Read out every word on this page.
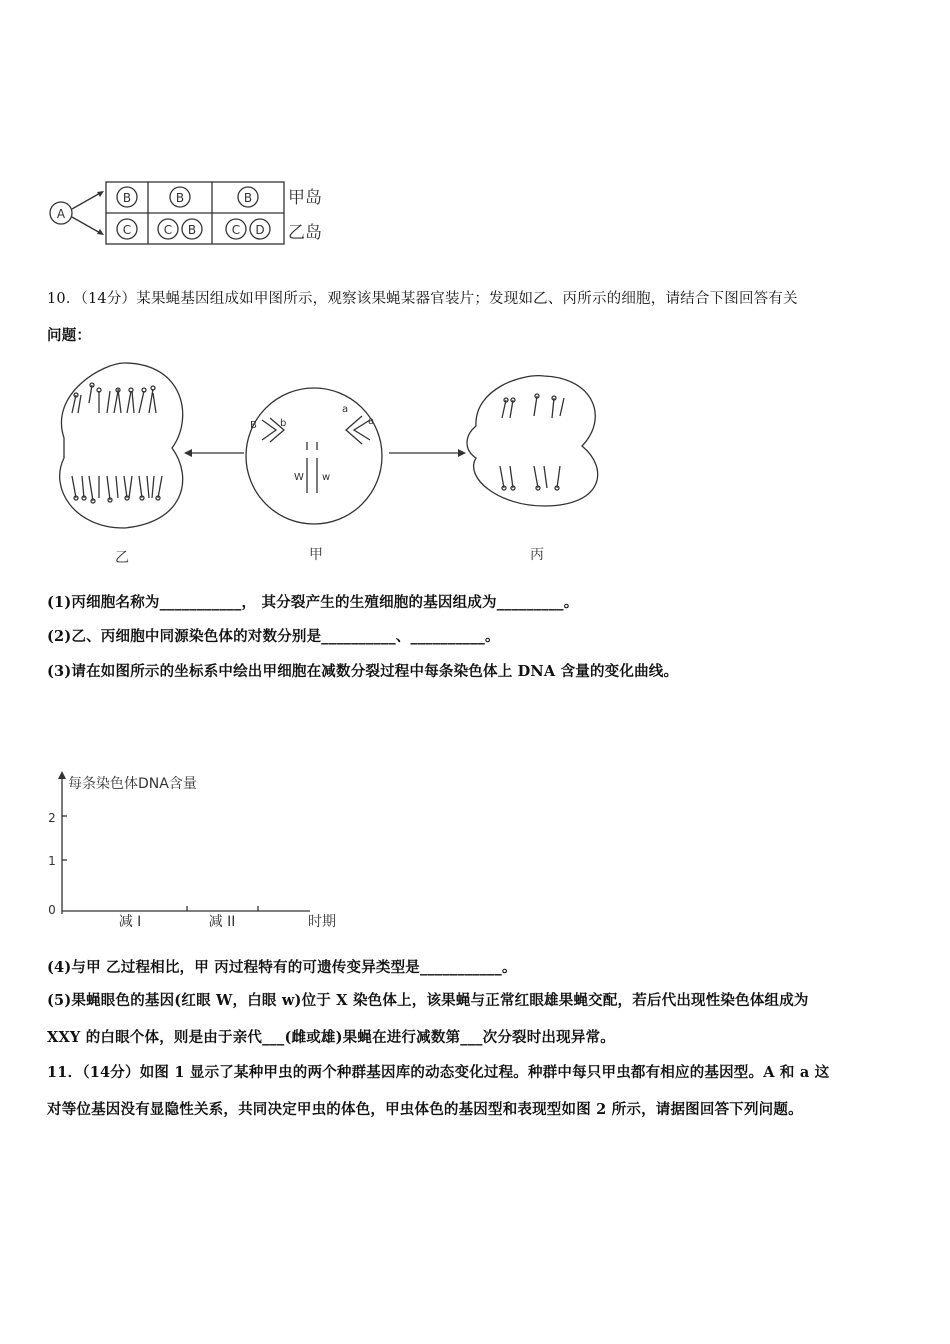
A
B	B	B
C	C B	C D
甲岛
乙岛
10．（14分）某果蝇基因组成如甲图所示，观察该果蝇某器官装片；发现如乙、丙所示的细胞，请结合下图回答有关
问题：
B b
a
a
W w
乙	甲	丙
(1)丙细胞名称为___________， 其分裂产生的生殖细胞的基因组成为_________。
(2)乙、丙细胞中同源染色体的对数分别是__________、__________。
(3)请在如图所示的坐标系中绘出甲细胞在减数分裂过程中每条染色体上 DNA 含量的变化曲线。
每条染色体DNA含量
2
1
0
减 I	减 II	时期
(4)与甲 乙过程相比，甲 丙过程特有的可遗传变异类型是___________。
(5)果蝇眼色的基因(红眼 W，白眼 w)位于 X 染色体上，该果蝇与正常红眼雄果蝇交配，若后代出现性染色体组成为
XXY 的白眼个体，则是由于亲代___(雌或雄)果蝇在进行减数第___次分裂时出现异常。
11．（14分）如图 1 显示了某种甲虫的两个种群基因库的动态变化过程。种群中每只甲虫都有相应的基因型。A 和 a 这
对等位基因没有显隐性关系，共同决定甲虫的体色，甲虫体色的基因型和表现型如图 2 所示，请据图回答下列问题。
